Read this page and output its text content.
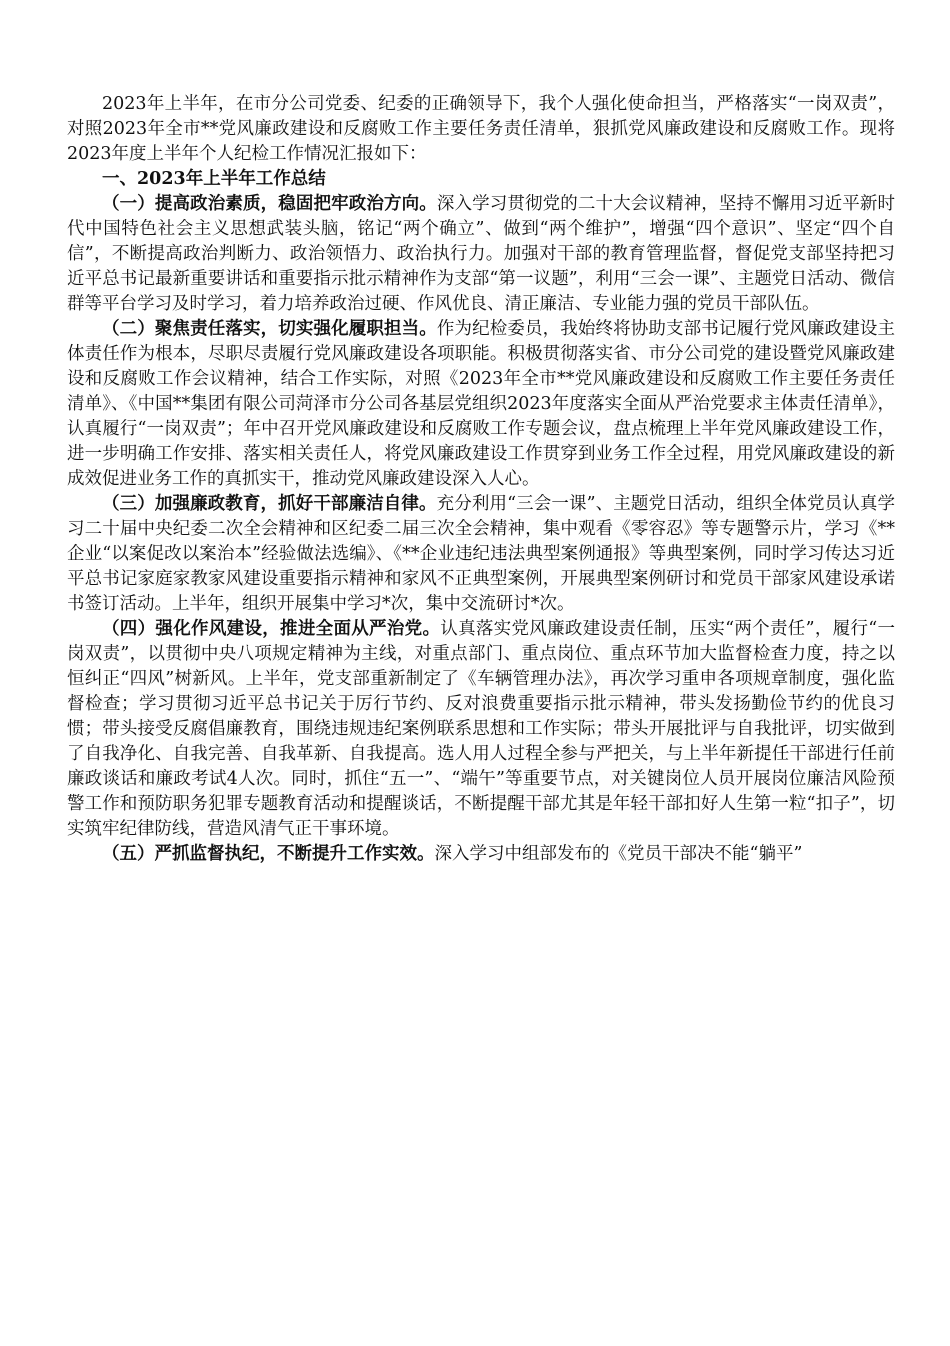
2023年上半年，在市分公司党委、纪委的正确领导下，我个人强化使命担当，严格落实“一岗双责”，对照2023年全市**党风廉政建设和反腐败工作主要任务责任清单，狠抓党风廉政建设和反腐败工作。现将2023年度上半年个人纪检工作情况汇报如下：

一、2023年上半年工作总结

（一）提高政治素质，稳固把牢政治方向。深入学习贯彻党的二十大会议精神，坚持不懈用习近平新时代中国特色社会主义思想武装头脑，铭记“两个确立”、做到“两个维护”，增强“四个意识”、坚定“四个自信”，不断提高政治判断力、政治领悟力、政治执行力。加强对干部的教育管理监督，督促党支部坚持把习近平总书记最新重要讲话和重要指示批示精神作为支部“第一议题”，利用“三会一课”、主题党日活动、微信群等平台学习及时学习，着力培养政治过硬、作风优良、清正廉洁、专业能力强的党员干部队伍。

（二）聚焦责任落实，切实强化履职担当。作为纪检委员，我始终将协助支部书记履行党风廉政建设主体责任作为根本，尽职尽责履行党风廉政建设各项职能。积极贯彻落实省、市分公司党的建设暨党风廉政建设和反腐败工作会议精神，结合工作实际，对照《2023年全市**党风廉政建设和反腐败工作主要任务责任清单》、《中国**集团有限公司菏泽市分公司各基层党组织2023年度落实全面从严治党要求主体责任清单》，认真履行“一岗双责”；年中召开党风廉政建设和反腐败工作专题会议，盘点梳理上半年党风廉政建设工作，进一步明确工作安排、落实相关责任人，将党风廉政建设工作贯穿到业务工作全过程，用党风廉政建设的新成效促进业务工作的真抓实干，推动党风廉政建设深入人心。

（三）加强廉政教育，抓好干部廉洁自律。充分利用“三会一课”、主题党日活动，组织全体党员认真学习二十届中央纪委二次全会精神和区纪委二届三次全会精神，集中观看《零容忍》等专题警示片，学习《**企业“以案促改以案治本”经验做法选编》、《**企业违纪违法典型案例通报》等典型案例，同时学习传达习近平总书记家庭家教家风建设重要指示精神和家风不正典型案例，开展典型案例研讨和党员干部家风建设承诺书签订活动。上半年，组织开展集中学习*次，集中交流研讨*次。

（四）强化作风建设，推进全面从严治党。认真落实党风廉政建设责任制，压实“两个责任”，履行“一岗双责”，以贯彻中央八项规定精神为主线，对重点部门、重点岗位、重点环节加大监督检查力度，持之以恒纠正“四风”树新风。上半年，党支部重新制定了《车辆管理办法》，再次学习重申各项规章制度，强化监督检查；学习贯彻习近平总书记关于厉行节约、反对浪费重要指示批示精神，带头发扬勤俭节约的优良习惯；带头接受反腐倡廉教育，围绕违规违纪案例联系思想和工作实际；带头开展批评与自我批评，切实做到了自我净化、自我完善、自我革新、自我提高。选人用人过程全参与严把关，与上半年新提任干部进行任前廉政谈话和廉政考试4人次。同时，抓住“五一”、“端午”等重要节点，对关键岗位人员开展岗位廉洁风险预警工作和预防职务犯罪专题教育活动和提醒谈话，不断提醒干部尤其是年轻干部扣好人生第一粒“扣子”，切实筑牢纪律防线，营造风清气正干事环境。

（五）严抓监督执纪，不断提升工作实效。深入学习中组部发布的《党员干部决不能“躺平”
